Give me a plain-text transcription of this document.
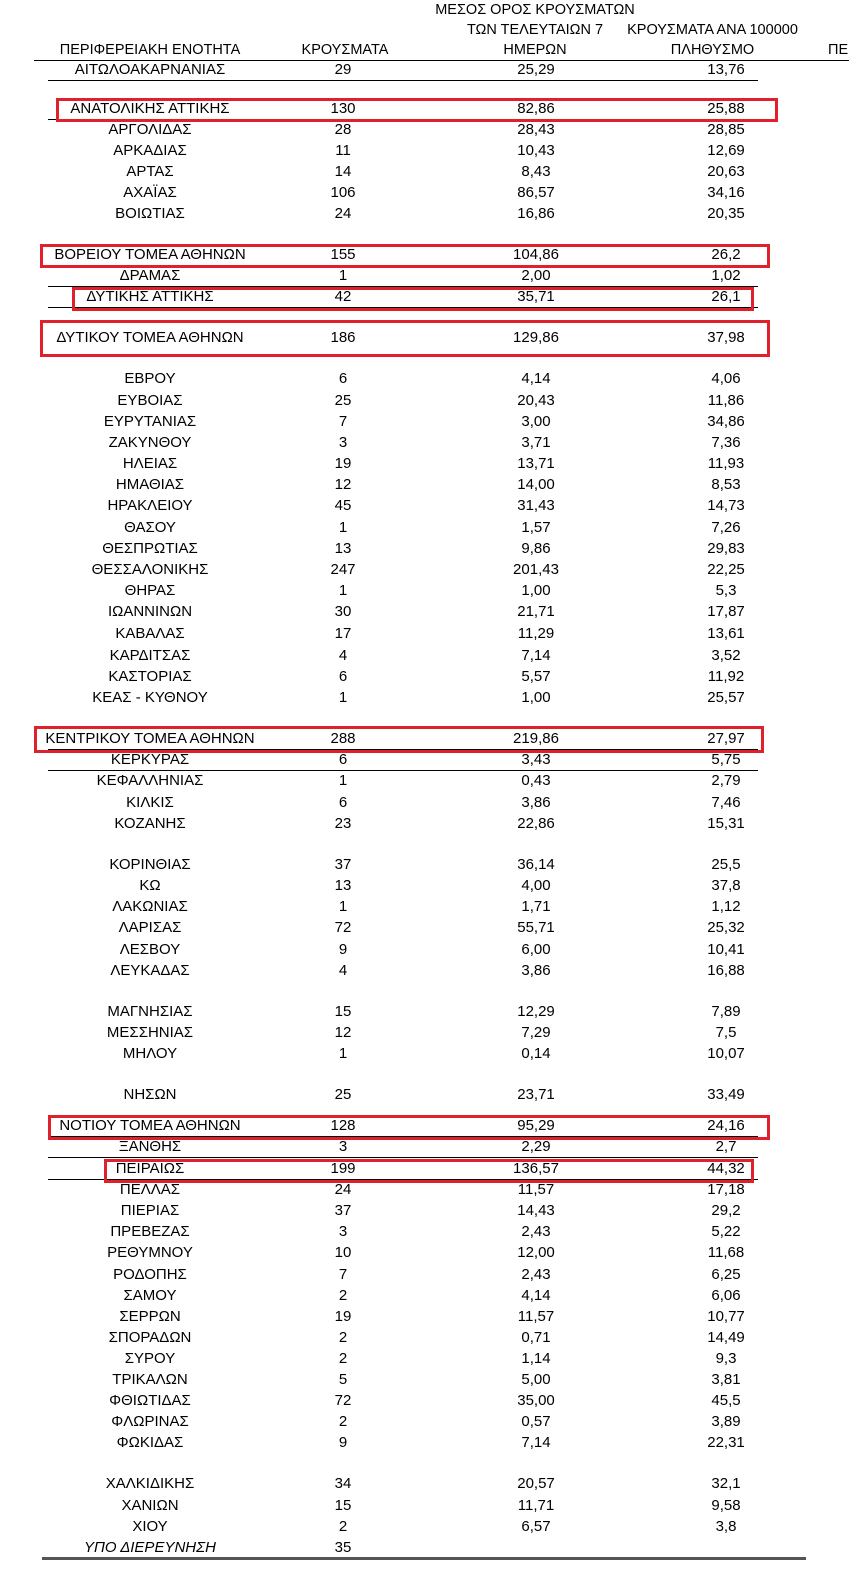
ΜΕΣΟΣ ΟΡΟΣ ΚΡΟΥΣΜΑΤΩΝ
ΤΩΝ ΤΕΛΕΥΤΑΙΩΝ 7
ΗΜΕΡΩΝ
ΚΡΟΥΣΜΑΤΑ ΑΝΑ 100000
ΠΛΗΘΥΣΜΟ
ΠΕΡΙΦΕΡΕΙΑΚΗ ΕΝΟΤΗΤΑ	ΚΡΟΥΣΜΑΤΑ	ΠΕ
ΑΙΤΩΛΟΑΚΑΡΝΑΝΙΑΣ	29	25,29	13,76
ΑΝΑΤΟΛΙΚΗΣ ΑΤΤΙΚΗΣ	130	82,86	25,88
ΑΡΓΟΛΙΔΑΣ	28	28,43	28,85
ΑΡΚΑΔΙΑΣ	11	10,43	12,69
ΑΡΤΑΣ	14	8,43	20,63
ΑΧΑΪΑΣ	106	86,57	34,16
ΒΟΙΩΤΙΑΣ	24	16,86	20,35
ΒΟΡΕΙΟΥ ΤΟΜΕΑ ΑΘΗΝΩΝ	155	104,86	26,2
ΔΡΑΜΑΣ	1	2,00	1,02
ΔΥΤΙΚΗΣ ΑΤΤΙΚΗΣ	42	35,71	26,1
ΔΥΤΙΚΟΥ ΤΟΜΕΑ ΑΘΗΝΩΝ	186	129,86	37,98
ΕΒΡΟΥ	6	4,14	4,06
ΕΥΒΟΙΑΣ	25	20,43	11,86
ΕΥΡΥΤΑΝΙΑΣ	7	3,00	34,86
ΖΑΚΥΝΘΟΥ	3	3,71	7,36
ΗΛΕΙΑΣ	19	13,71	11,93
ΗΜΑΘΙΑΣ	12	14,00	8,53
ΗΡΑΚΛΕΙΟΥ	45	31,43	14,73
ΘΑΣΟΥ	1	1,57	7,26
ΘΕΣΠΡΩΤΙΑΣ	13	9,86	29,83
ΘΕΣΣΑΛΟΝΙΚΗΣ	247	201,43	22,25
ΘΗΡΑΣ	1	1,00	5,3
ΙΩΑΝΝΙΝΩΝ	30	21,71	17,87
ΚΑΒΑΛΑΣ	17	11,29	13,61
ΚΑΡΔΙΤΣΑΣ	4	7,14	3,52
ΚΑΣΤΟΡΙΑΣ	6	5,57	11,92
ΚΕΑΣ - ΚΥΘΝΟΥ	1	1,00	25,57
ΚΕΝΤΡΙΚΟΥ ΤΟΜΕΑ ΑΘΗΝΩΝ	288	219,86	27,97
ΚΕΡΚΥΡΑΣ	6	3,43	5,75
ΚΕΦΑΛΛΗΝΙΑΣ	1	0,43	2,79
ΚΙΛΚΙΣ	6	3,86	7,46
ΚΟΖΑΝΗΣ	23	22,86	15,31
ΚΟΡΙΝΘΙΑΣ	37	36,14	25,5
ΚΩ	13	4,00	37,8
ΛΑΚΩΝΙΑΣ	1	1,71	1,12
ΛΑΡΙΣΑΣ	72	55,71	25,32
ΛΕΣΒΟΥ	9	6,00	10,41
ΛΕΥΚΑΔΑΣ	4	3,86	16,88
ΜΑΓΝΗΣΙΑΣ	15	12,29	7,89
ΜΕΣΣΗΝΙΑΣ	12	7,29	7,5
ΜΗΛΟΥ	1	0,14	10,07
ΝΗΣΩΝ	25	23,71	33,49
ΝΟΤΙΟΥ ΤΟΜΕΑ ΑΘΗΝΩΝ	128	95,29	24,16
ΞΑΝΘΗΣ	3	2,29	2,7
ΠΕΙΡΑΙΩΣ	199	136,57	44,32
ΠΕΛΛΑΣ	24	11,57	17,18
ΠΙΕΡΙΑΣ	37	14,43	29,2
ΠΡΕΒΕΖΑΣ	3	2,43	5,22
ΡΕΘΥΜΝΟΥ	10	12,00	11,68
ΡΟΔΟΠΗΣ	7	2,43	6,25
ΣΑΜΟΥ	2	4,14	6,06
ΣΕΡΡΩΝ	19	11,57	10,77
ΣΠΟΡΑΔΩΝ	2	0,71	14,49
ΣΥΡΟΥ	2	1,14	9,3
ΤΡΙΚΑΛΩΝ	5	5,00	3,81
ΦΘΙΩΤΙΔΑΣ	72	35,00	45,5
ΦΛΩΡΙΝΑΣ	2	0,57	3,89
ΦΩΚΙΔΑΣ	9	7,14	22,31
ΧΑΛΚΙΔΙΚΗΣ	34	20,57	32,1
ΧΑΝΙΩΝ	15	11,71	9,58
ΧΙΟΥ	2	6,57	3,8
ΥΠΟ ΔΙΕΡΕΥΝΗΣΗ	35
